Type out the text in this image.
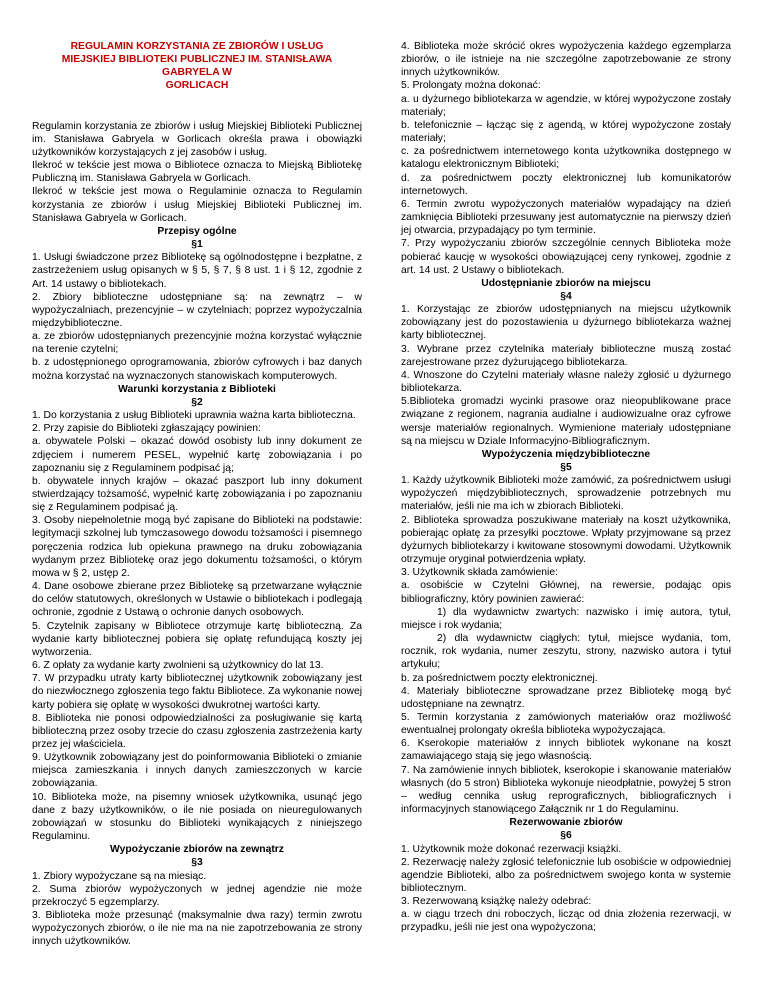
REGULAMIN KORZYSTANIA ZE ZBIORÓW I USŁUG

MIEJSKIEJ BIBLIOTEKI PUBLICZNEJ IM. STANISŁAWA GABRYELA W

GORLICACH

Regulamin korzystania ze zbiorów i usług Miejskiej Biblioteki Publicznej im. Stanisława Gabryela w Gorlicach określa prawa i obowiązki użytkowników korzystających z jej zasobów i usług.

Ilekroć w tekście jest mowa o Bibliotece oznacza to Miejską Bibliotekę Publiczną im. Stanisława Gabryela w Gorlicach.

Ilekroć w tekście jest mowa o Regulaminie oznacza to Regulamin korzystania ze zbiorów i usług Miejskiej Biblioteki Publicznej im. Stanisława Gabryela w Gorlicach.

Przepisy ogólne

§1

1. Usługi świadczone przez Bibliotekę są ogólnodostępne i bezpłatne, z zastrzeżeniem usług opisanych w § 5, § 7, § 8 ust. 1 i § 12, zgodnie z Art. 14 ustawy o bibliotekach.

2. Zbiory biblioteczne udostępniane są: na zewnątrz – w wypożyczalniach, prezencyjnie – w czytelniach; poprzez wypożyczalnia międzybiblioteczne.

a. ze zbiorów udostępnianych prezencyjnie można korzystać wyłącznie na terenie czytelni;

b. z udostępnionego oprogramowania, zbiorów cyfrowych i baz danych można korzystać na wyznaczonych stanowiskach komputerowych.

Warunki korzystania z Biblioteki

§2

1. Do korzystania z usług Biblioteki uprawnia ważna karta biblioteczna.

2. Przy zapisie do Biblioteki zgłaszający powinien:

a. obywatele Polski – okazać dowód osobisty lub inny dokument ze zdjęciem i numerem PESEL, wypełnić kartę zobowiązania i po zapoznaniu się z Regulaminem podpisać ją;

b. obywatele innych krajów – okazać paszport lub inny dokument stwierdzający tożsamość, wypełnić kartę zobowiązania i po zapoznaniu się z Regulaminem podpisać ją.

3. Osoby niepełnoletnie mogą być zapisane do Biblioteki na podstawie: legitymacji szkolnej lub tymczasowego dowodu tożsamości i pisemnego poręczenia rodzica lub opiekuna prawnego na druku zobowiązania wydanym przez Bibliotekę oraz jego dokumentu tożsamości, o którym mowa w § 2, ustęp 2.

4. Dane osobowe zbierane przez Bibliotekę są przetwarzane wyłącznie do celów statutowych, określonych w Ustawie o bibliotekach i podlegają ochronie, zgodnie z Ustawą o ochronie danych osobowych.

5. Czytelnik zapisany w Bibliotece otrzymuje kartę biblioteczną. Za wydanie karty bibliotecznej pobiera się opłatę refundującą koszty jej wytworzenia.

6. Z opłaty za wydanie karty zwolnieni są użytkownicy do lat 13.

7. W przypadku utraty karty bibliotecznej użytkownik zobowiązany jest do niezwłocznego zgłoszenia tego faktu Bibliotece. Za wykonanie nowej karty pobiera się opłatę w wysokości dwukrotnej wartości karty.

8. Biblioteka nie ponosi odpowiedzialności za posługiwanie się kartą biblioteczną przez osoby trzecie do czasu zgłoszenia zastrzeżenia karty przez jej właściciela.

9. Użytkownik zobowiązany jest do poinformowania Biblioteki o zmianie miejsca zamieszkania i innych danych zamieszczonych w karcie zobowiązania.

10. Biblioteka może, na pisemny wniosek użytkownika, usunąć jego dane z bazy użytkowników, o ile nie posiada on nieuregulowanych zobowiązań w stosunku do Biblioteki wynikających z niniejszego Regulaminu.

Wypożyczanie zbiorów na zewnątrz

§3

1. Zbiory wypożyczane są na miesiąc.

2. Suma zbiorów wypożyczonych w jednej agendzie nie może przekroczyć 5 egzemplarzy.

3. Biblioteka może przesunąć (maksymalnie dwa razy) termin zwrotu wypożyczonych zbiorów, o ile nie ma na nie zapotrzebowania ze strony innych użytkowników.

4. Biblioteka może skrócić okres wypożyczenia każdego egzemplarza zbiorów, o ile istnieje na nie szczególne zapotrzebowanie ze strony innych użytkowników.

5. Prolongaty można dokonać:

a. u dyżurnego bibliotekarza w agendzie, w której wypożyczone zostały materiały;

b. telefonicznie – łącząc się z agendą, w której wypożyczone zostały materiały;

c. za pośrednictwem internetowego konta użytkownika dostępnego w katalogu elektronicznym Biblioteki;

d. za pośrednictwem poczty elektronicznej lub komunikatorów internetowych.

6. Termin zwrotu wypożyczonych materiałów wypadający na dzień zamknięcia Biblioteki przesuwany jest automatycznie na pierwszy dzień jej otwarcia, przypadający po tym terminie.

7. Przy wypożyczaniu zbiorów szczególnie cennych Biblioteka może pobierać kaucję w wysokości obowiązującej ceny rynkowej, zgodnie z art. 14 ust. 2 Ustawy o bibliotekach.

Udostępnianie zbiorów na miejscu

§4

1. Korzystając ze zbiorów udostępnianych na miejscu użytkownik zobowiązany jest do pozostawienia u dyżurnego bibliotekarza ważnej karty bibliotecznej.

3. Wybrane przez czytelnika materiały biblioteczne muszą zostać zarejestrowane przez dyżurującego bibliotekarza.

4. Wnoszone do Czytelni materiały własne należy zgłosić u dyżurnego bibliotekarza.

5.Biblioteka gromadzi wycinki prasowe oraz nieopublikowane prace związane z regionem, nagrania audialne i audiowizualne oraz cyfrowe wersje materiałów regionalnych. Wymienione materiały udostępniane są na miejscu w Dziale Informacyjno-Bibliograficznym.

Wypożyczenia międzybiblioteczne

§5

1. Każdy użytkownik Biblioteki może zamówić, za pośrednictwem usługi wypożyczeń międzybibliotecznych, sprowadzenie potrzebnych mu materiałów, jeśli nie ma ich w zbiorach Biblioteki.

2. Biblioteka sprowadza poszukiwane materiały na koszt użytkownika, pobierając opłatę za przesyłki pocztowe. Wpłaty przyjmowane są przez dyżurnych bibliotekarzy i kwitowane stosownymi dowodami. Użytkownik otrzymuje oryginał potwierdzenia wpłaty.

3. Użytkownik składa zamówienie:

a. osobiście w Czytelni Głównej, na rewersie, podając opis bibliograficzny, który powinien zawierać:

1) dla wydawnictw zwartych: nazwisko i imię autora, tytuł, miejsce i rok wydania;

2) dla wydawnictw ciągłych: tytuł, miejsce wydania, tom, rocznik, rok wydania, numer zeszytu, strony, nazwisko autora i tytuł artykułu;

b. za pośrednictwem poczty elektronicznej.

4. Materiały biblioteczne sprowadzane przez Bibliotekę mogą być udostępniane na zewnątrz.

5. Termin korzystania z zamówionych materiałów oraz możliwość ewentualnej prolongaty określa biblioteka wypożyczająca.

6. Kserokopie materiałów z innych bibliotek wykonane na koszt zamawiającego stają się jego własnością.

7. Na zamówienie innych bibliotek, kserokopie i skanowanie materiałów własnych (do 5 stron) Biblioteka wykonuje nieodpłatnie, powyżej 5 stron – według cennika usług reprograficznych, bibliograficznych i informacyjnych stanowiącego Załącznik nr 1 do Regulaminu.

Rezerwowanie zbiorów

§6

1. Użytkownik może dokonać rezerwacji książki.

2. Rezerwację należy zgłosić telefonicznie lub osobiście w odpowiedniej agendzie Biblioteki, albo za pośrednictwem swojego konta w systemie bibliotecznym.

3. Rezerwowaną książkę należy odebrać:

a. w ciągu trzech dni roboczych, licząc od dnia złożenia rezerwacji, w przypadku, jeśli nie jest ona wypożyczona;
